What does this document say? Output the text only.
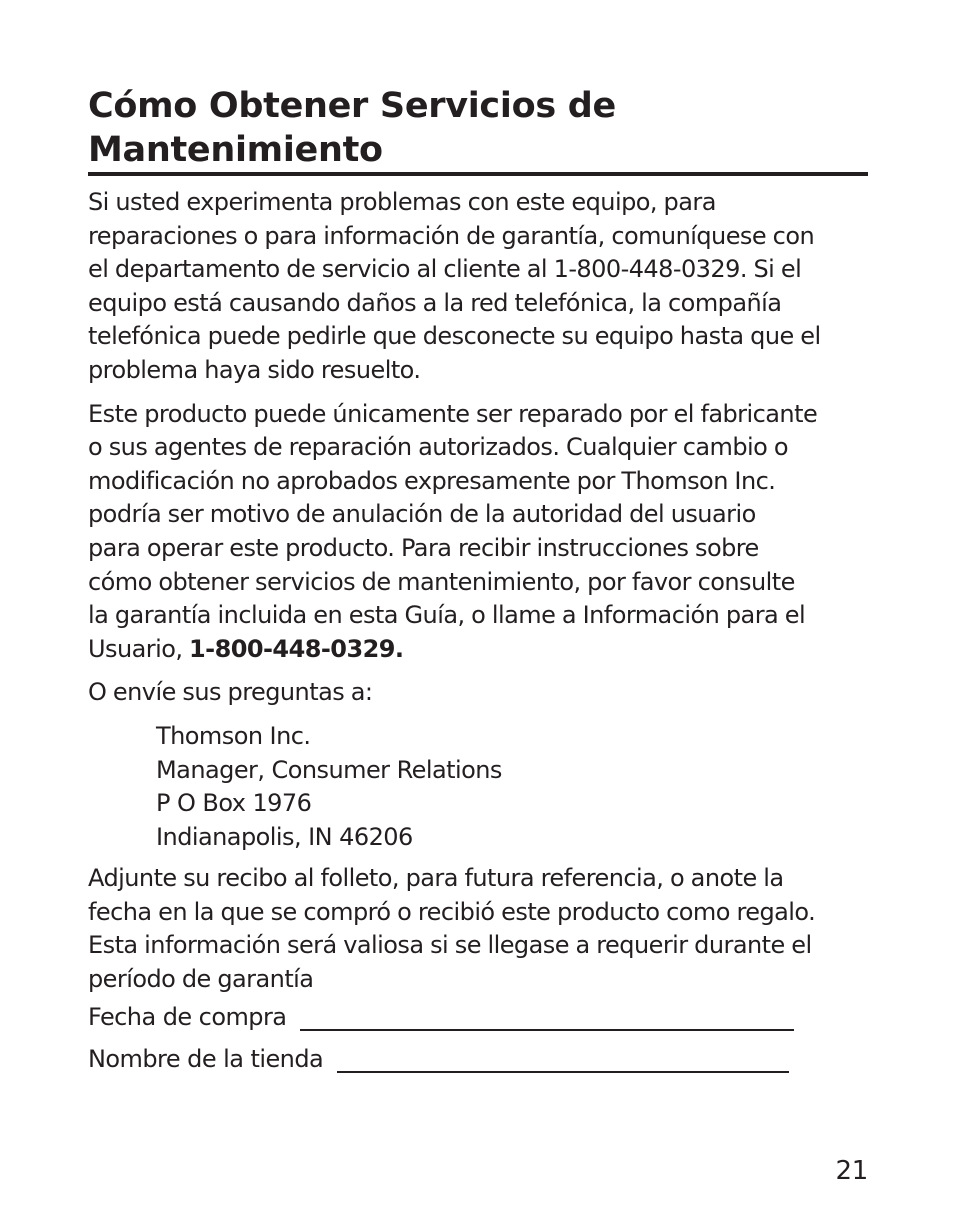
Cómo Obtener Servicios de
Mantenimiento

Si usted experimenta problemas con este equipo, para
reparaciones o para información de garantía, comuníquese con
el departamento de servicio al cliente al 1-800-448-0329. Si el
equipo está causando daños a la red telefónica, la compañía
telefónica puede pedirle que desconecte su equipo hasta que el
problema haya sido resuelto.

Este producto puede únicamente ser reparado por el fabricante
o sus agentes de reparación autorizados. Cualquier cambio o
modificación no aprobados expresamente por Thomson Inc.
podría ser motivo de anulación de la autoridad del usuario
para operar este producto. Para recibir instrucciones sobre
cómo obtener servicios de mantenimiento, por favor consulte
la garantía incluida en esta Guía, o llame a Información para el
Usuario, 1-800-448-0329.

O envíe sus preguntas a:

Thomson Inc.
Manager, Consumer Relations
P O Box 1976
Indianapolis, IN 46206

Adjunte su recibo al folleto, para futura referencia, o anote la
fecha en la que se compró o recibió este producto como regalo.
Esta información será valiosa si se llegase a requerir durante el
período de garantía

Fecha de compra
Nombre de la tienda
21
